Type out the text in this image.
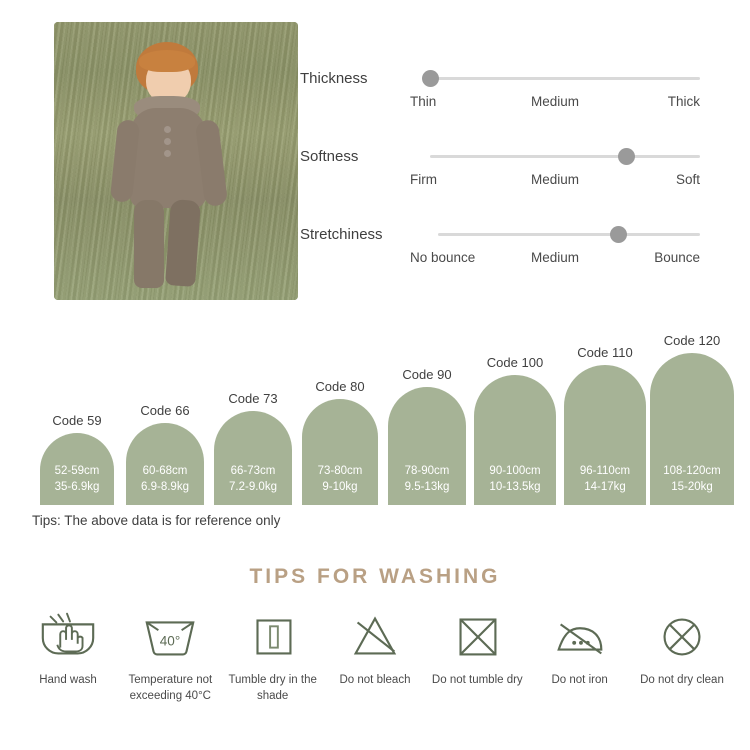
Thickness
Thin	Medium	Thick
Softness
Firm	Medium	Soft
Stretchiness
No bounce	Medium	Bounce
Code 59
52-59cm
35-6.9kg
Code 66
60-68cm
6.9-8.9kg
Code 73
66-73cm
7.2-9.0kg
Code 80
73-80cm
9-10kg
Code 90
78-90cm
9.5-13kg
Code 100
90-100cm
10-13.5kg
Code 110
96-110cm
14-17kg
Code 120
108-120cm
15-20kg
Tips: The above data is for reference only
TIPS FOR WASHING
Hand wash
40°
Temperature not exceeding 40°C
Tumble dry in the shade
Do not bleach Do not tumble dry	Do not iron	Do not dry clean
